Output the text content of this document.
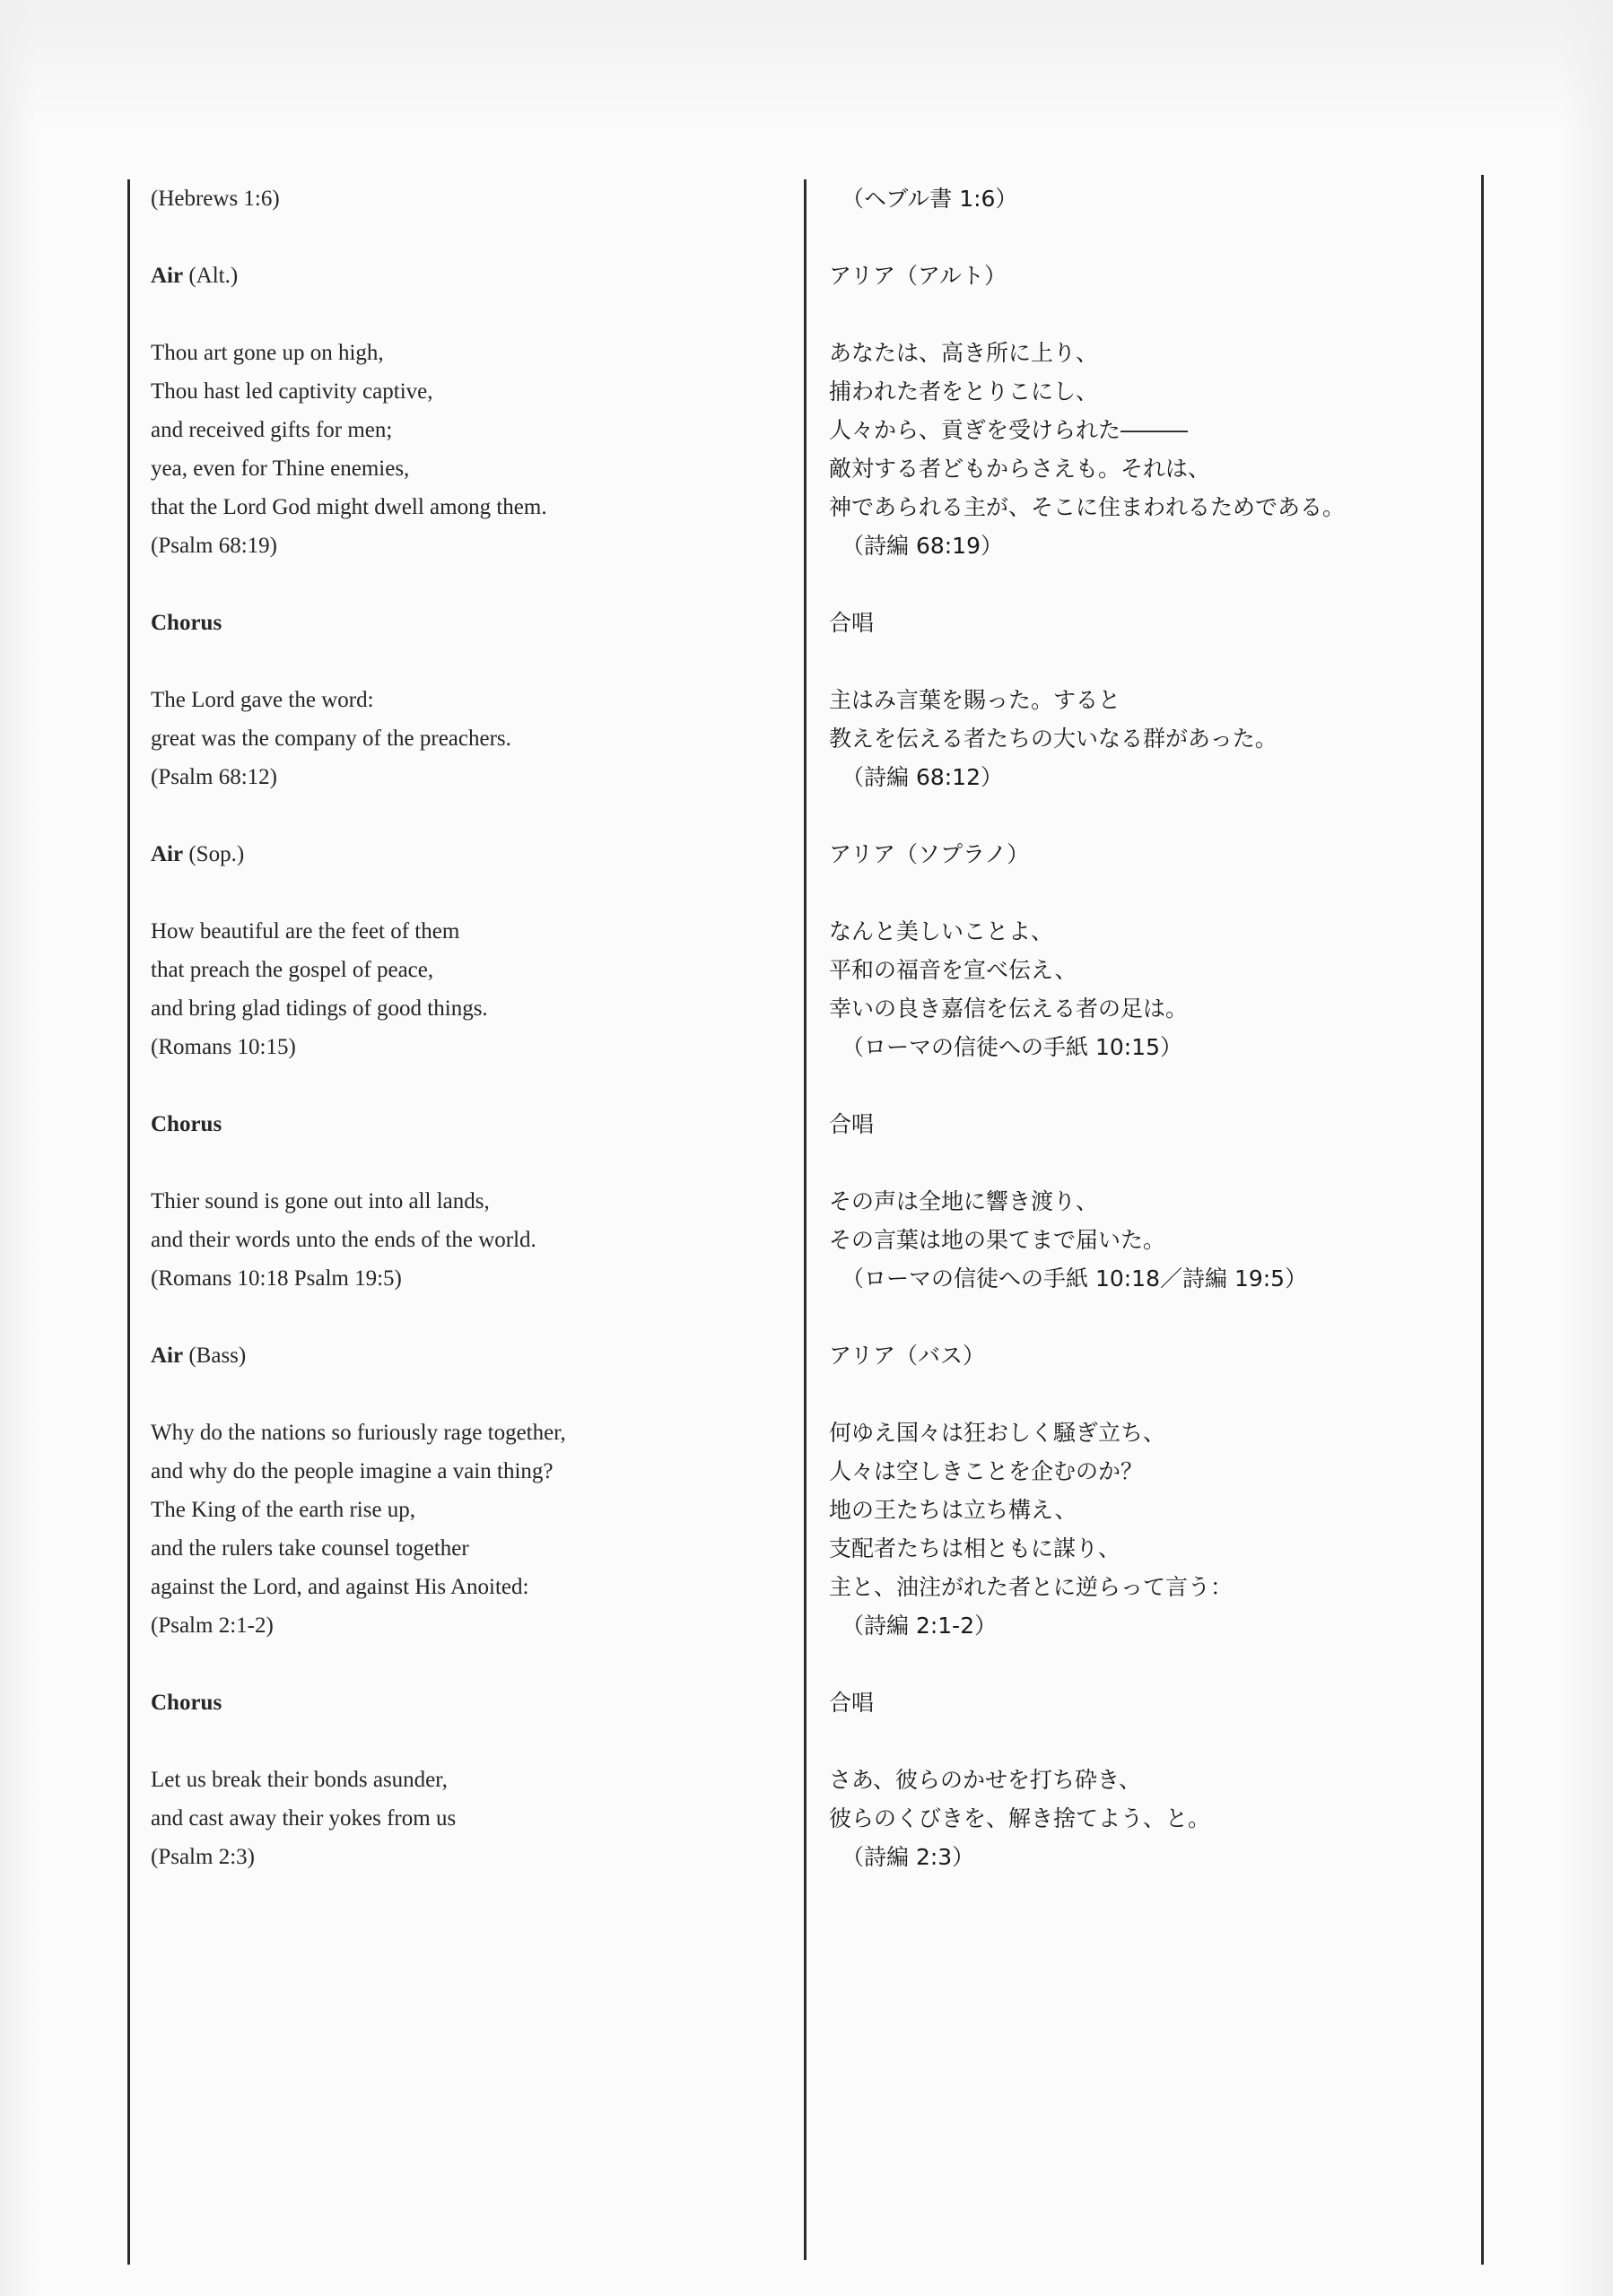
(Hebrews 1:6)
Air (Alt.)
Thou art gone up on high,
Thou hast led captivity captive,
and received gifts for men;
yea, even for Thine enemies,
that the Lord God might dwell among them.
(Psalm 68:19)
Chorus
The Lord gave the word:
great was the company of the preachers.
(Psalm 68:12)
Air (Sop.)
How beautiful are the feet of them
that preach the gospel of peace,
and bring glad tidings of good things.
(Romans 10:15)
Chorus
Thier sound is gone out into all lands,
and their words unto the ends of the world.
(Romans 10:18 Psalm 19:5)
Air (Bass)
Why do the nations so furiously rage together,
and why do the people imagine a vain thing?
The King of the earth rise up,
and the rulers take counsel together
against the Lord, and against His Anoited:
(Psalm 2:1-2)
Chorus
Let us break their bonds asunder,
and cast away their yokes from us
(Psalm 2:3)
（ヘブル書 1:6）
アリア（アルト）
あなたは、高き所に上り、
捕われた者をとりこにし、
人々から、貢ぎを受けられた―――
敵対する者どもからさえも。それは、
神であられる主が、そこに住まわれるためである。
（詩編 68:19）
合唱
主はみ言葉を賜った。すると
教えを伝える者たちの大いなる群があった。
（詩編 68:12）
アリア（ソプラノ）
なんと美しいことよ、
平和の福音を宣べ伝え、
幸いの良き嘉信を伝える者の足は。
（ローマの信徒への手紙 10:15）
合唱
その声は全地に響き渡り、
その言葉は地の果てまで届いた。
（ローマの信徒への手紙 10:18／詩編 19:5）
アリア（バス）
何ゆえ国々は狂おしく騒ぎ立ち、
人々は空しきことを企むのか？
地の王たちは立ち構え、
支配者たちは相ともに謀り、
主と、油注がれた者とに逆らって言う：
（詩編 2:1-2）
合唱
さあ、彼らのかせを打ち砕き、
彼らのくびきを、解き捨てよう、と。
（詩編 2:3）
